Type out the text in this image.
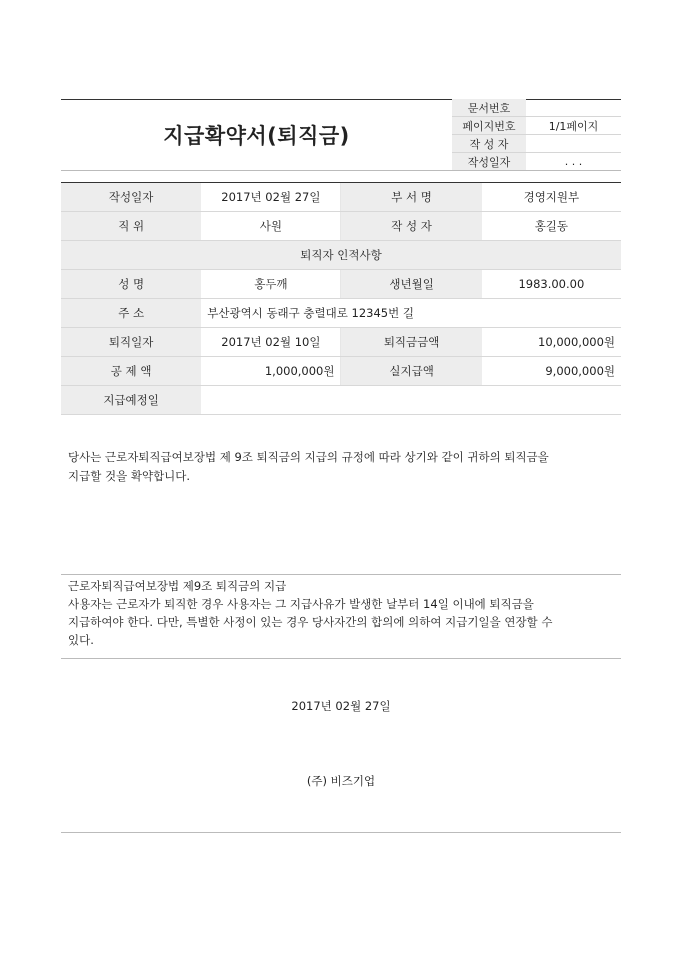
지급확약서(퇴직금)
문서번호	
페이지번호	1/1페이지
작 성 자	
작성일자	. . .
작성일자	2017년 02월 27일	부 서 명	경영지원부
직 위	사원	작 성 자	홍길동
퇴직자 인적사항			
성 명	홍두깨	생년월일	1983.00.00
주 소	부산광역시 동래구 충렬대로 12345번 길		
퇴직일자	2017년 02월 10일	퇴직금금액	10,000,000원
공 제 액	1,000,000원	실지급액	9,000,000원
지급예정일			
당사는 근로자퇴직급여보장법 제 9조 퇴직금의 지급의 규정에 따라 상기와 같이 귀하의 퇴직금을
지급할 것을 확약합니다.
근로자퇴직급여보장법 제9조 퇴직금의 지급
사용자는 근로자가 퇴직한 경우 사용자는 그 지급사유가 발생한 날부터 14일 이내에 퇴직금을
지급하여야 한다. 다만, 특별한 사정이 있는 경우 당사자간의 합의에 의하여 지급기일을 연장할 수
있다.
2017년 02월 27일
(주) 비즈기업
